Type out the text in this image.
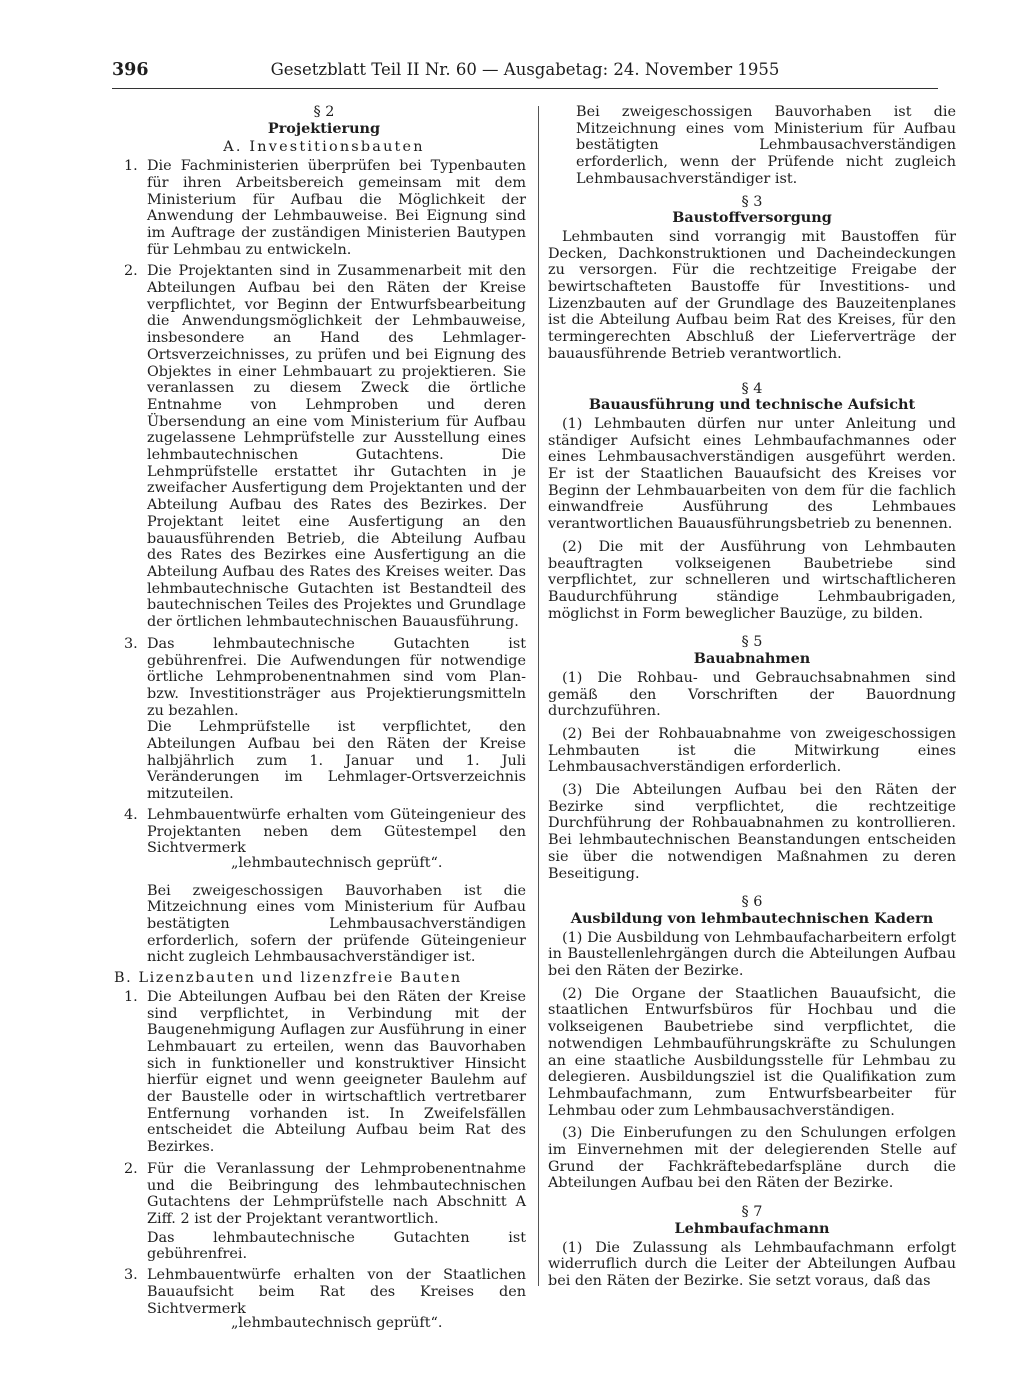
396	Gesetzblatt Teil II Nr. 60 — Ausgabetag: 24. November 1955

§ 2

Projektierung

A. Investitionsbauten

1. Die Fachministerien überprüfen bei Typenbauten für ihren Arbeitsbereich gemeinsam mit dem Ministerium für Aufbau die Möglichkeit der Anwendung der Lehmbauweise. Bei Eignung sind im Auftrage der zuständigen Ministerien Bautypen für Lehmbau zu entwickeln.
2. Die Projektanten sind in Zusammenarbeit mit den Abteilungen Aufbau bei den Räten der Kreise verpflichtet, vor Beginn der Entwurfsbearbeitung die Anwendungsmöglichkeit der Lehmbauweise, insbesondere an Hand des Lehmlager-Ortsverzeichnisses, zu prüfen und bei Eignung des Objektes in einer Lehmbauart zu projektieren. Sie veranlassen zu diesem Zweck die örtliche Entnahme von Lehmproben und deren Übersendung an eine vom Ministerium für Aufbau zugelassene Lehmprüfstelle zur Ausstellung eines lehmbautechnischen Gutachtens. Die Lehmprüfstelle erstattet ihr Gutachten in je zweifacher Ausfertigung dem Projektanten und der Abteilung Aufbau des Rates des Bezirkes. Der Projektant leitet eine Ausfertigung an den bauausführenden Betrieb, die Abteilung Aufbau des Rates des Bezirkes eine Ausfertigung an die Abteilung Aufbau des Rates des Kreises weiter. Das lehmbautechnische Gutachten ist Bestandteil des bautechnischen Teiles des Projektes und Grundlage der örtlichen lehmbautechnischen Bauausführung.
3. Das lehmbautechnische Gutachten ist gebührenfrei. Die Aufwendungen für notwendige örtliche Lehmprobenentnahmen sind vom Plan- bzw. Investitionsträger aus Projektierungsmitteln zu bezahlen.

Die Lehmprüfstelle ist verpflichtet, den Abteilungen Aufbau bei den Räten der Kreise halbjährlich zum 1. Januar und 1. Juli Veränderungen im Lehmlager-Ortsverzeichnis mitzuteilen.

4. Lehmbauentwürfe erhalten vom Güteingenieur des Projektanten neben dem Gütestempel den Sichtvermerk
„lehmbautechnisch geprüft“.

Bei zweigeschossigen Bauvorhaben ist die Mitzeichnung eines vom Ministerium für Aufbau bestätigten Lehmbausachverständigen erforderlich, sofern der prüfende Güteingenieur nicht zugleich Lehmbausachverständiger ist.

B. Lizenzbauten und lizenzfreie Bauten

1. Die Abteilungen Aufbau bei den Räten der Kreise sind verpflichtet, in Verbindung mit der Baugenehmigung Auflagen zur Ausführung in einer Lehmbauart zu erteilen, wenn das Bauvorhaben sich in funktioneller und konstruktiver Hinsicht hierfür eignet und wenn geeigneter Baulehm auf der Baustelle oder in wirtschaftlich vertretbarer Entfernung vorhanden ist. In Zweifelsfällen entscheidet die Abteilung Aufbau beim Rat des Bezirkes.
2. Für die Veranlassung der Lehmprobenentnahme und die Beibringung des lehmbautechnischen Gutachtens der Lehmprüfstelle nach Abschnitt A Ziff. 2 ist der Projektant verantwortlich.

Das lehmbautechnische Gutachten ist gebührenfrei.

3. Lehmbauentwürfe erhalten von der Staatlichen Bauaufsicht beim Rat des Kreises den Sichtvermerk
„lehmbautechnisch geprüft“.

Bei zweigeschossigen Bauvorhaben ist die Mitzeichnung eines vom Ministerium für Aufbau bestätigten Lehmbausachverständigen erforderlich, wenn der Prüfende nicht zugleich Lehmbausachverständiger ist.

§ 3

Baustoffversorgung

Lehmbauten sind vorrangig mit Baustoffen für Decken, Dachkonstruktionen und Dacheindeckungen zu versorgen. Für die rechtzeitige Freigabe der bewirtschafteten Baustoffe für Investitions- und Lizenzbauten auf der Grundlage des Bauzeitenplanes ist die Abteilung Aufbau beim Rat des Kreises, für den termingerechten Abschluß der Lieferverträge der bauausführende Betrieb verantwortlich.

§ 4

Bauausführung und technische Aufsicht

(1) Lehmbauten dürfen nur unter Anleitung und ständiger Aufsicht eines Lehmbaufachmannes oder eines Lehmbausachverständigen ausgeführt werden. Er ist der Staatlichen Bauaufsicht des Kreises vor Beginn der Lehmbauarbeiten von dem für die fachlich einwandfreie Ausführung des Lehmbaues verantwortlichen Bauausführungsbetrieb zu benennen.

(2) Die mit der Ausführung von Lehmbauten beauftragten volkseigenen Baubetriebe sind verpflichtet, zur schnelleren und wirtschaftlicheren Baudurchführung ständige Lehmbaubrigaden, möglichst in Form beweglicher Bauzüge, zu bilden.

§ 5

Bauabnahmen

(1) Die Rohbau- und Gebrauchsabnahmen sind gemäß den Vorschriften der Bauordnung durchzuführen.

(2) Bei der Rohbauabnahme von zweigeschossigen Lehmbauten ist die Mitwirkung eines Lehmbausachverständigen erforderlich.

(3) Die Abteilungen Aufbau bei den Räten der Bezirke sind verpflichtet, die rechtzeitige Durchführung der Rohbauabnahmen zu kontrollieren. Bei lehmbautechnischen Beanstandungen entscheiden sie über die notwendigen Maßnahmen zu deren Beseitigung.

§ 6

Ausbildung von lehmbautechnischen Kadern

(1) Die Ausbildung von Lehmbaufacharbeitern erfolgt in Baustellenlehrgängen durch die Abteilungen Aufbau bei den Räten der Bezirke.

(2) Die Organe der Staatlichen Bauaufsicht, die staatlichen Entwurfsbüros für Hochbau und die volkseigenen Baubetriebe sind verpflichtet, die notwendigen Lehmbauführungskräfte zu Schulungen an eine staatliche Ausbildungsstelle für Lehmbau zu delegieren. Ausbildungsziel ist die Qualifikation zum Lehmbaufachmann, zum Entwurfsbearbeiter für Lehmbau oder zum Lehmbausachverständigen.

(3) Die Einberufungen zu den Schulungen erfolgen im Einvernehmen mit der delegierenden Stelle auf Grund der Fachkräftebedarfspläne durch die Abteilungen Aufbau bei den Räten der Bezirke.

§ 7

Lehmbaufachmann

(1) Die Zulassung als Lehmbaufachmann erfolgt widerruflich durch die Leiter der Abteilungen Aufbau bei den Räten der Bezirke. Sie setzt voraus, daß das
